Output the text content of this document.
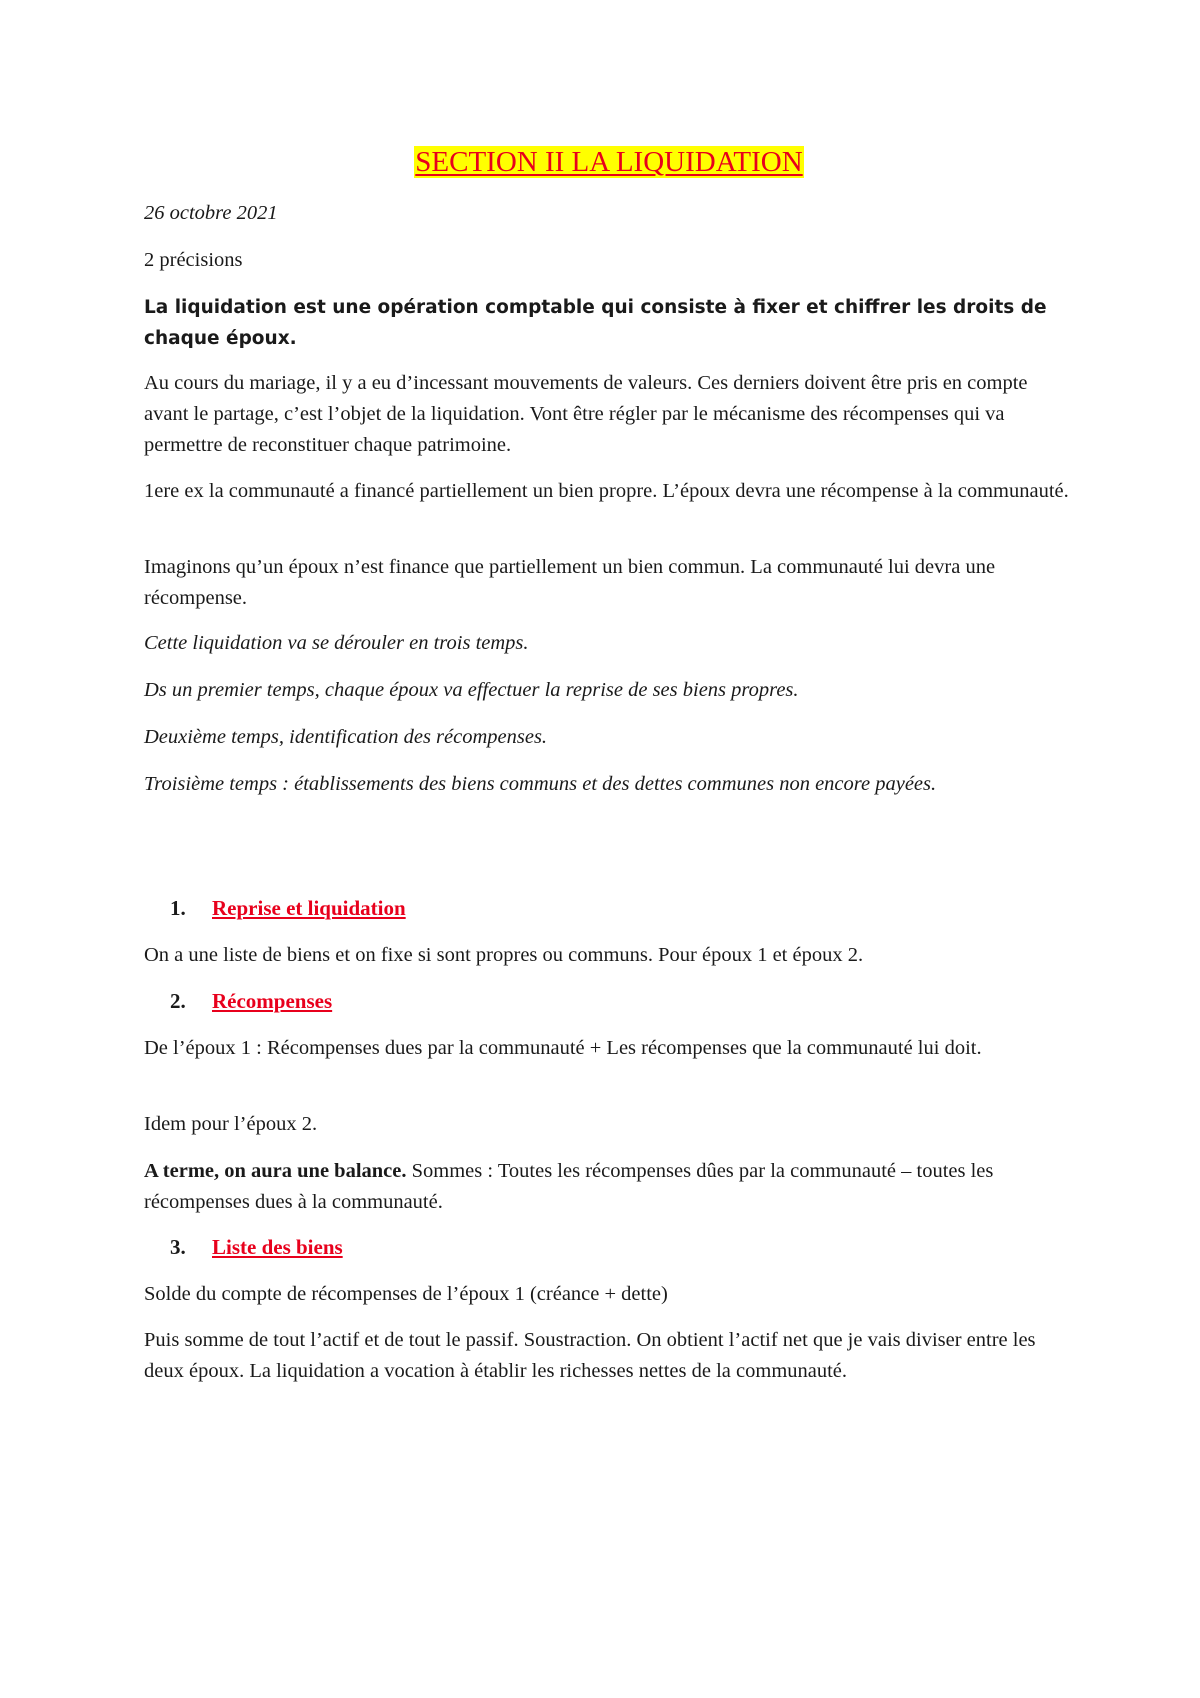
SECTION II LA LIQUIDATION

26 octobre 2021

2 précisions

La liquidation est une opération comptable qui consiste à fixer et chiffrer les droits de chaque époux.

Au cours du mariage, il y a eu d’incessant mouvements de valeurs. Ces derniers doivent être pris en compte avant le partage, c’est l’objet de la liquidation. Vont être régler par le mécanisme des récompenses qui va permettre de reconstituer chaque patrimoine.

1ere ex la communauté a financé partiellement un bien propre. L’époux devra une récompense à la communauté.

Imaginons qu’un époux n’est finance que partiellement un bien commun. La communauté lui devra une récompense.

Cette liquidation va se dérouler en trois temps.

Ds un premier temps, chaque époux va effectuer la reprise de ses biens propres.

Deuxième temps, identification des récompenses.

Troisième temps : établissements des biens communs et des dettes communes non encore payées.

1.	Reprise et liquidation

On a une liste de biens et on fixe si sont propres ou communs. Pour époux 1 et époux 2.

2.	Récompenses

De l’époux 1 : Récompenses dues par la communauté + Les récompenses que la communauté lui doit.

Idem pour l’époux 2.

A terme, on aura une balance. Sommes : Toutes les récompenses dûes par la communauté – toutes les récompenses dues à la communauté.

3.	Liste des biens

Solde du compte de récompenses de l’époux 1 (créance + dette)

Puis somme de tout l’actif et de tout le passif. Soustraction. On obtient l’actif net que je vais diviser entre les deux époux. La liquidation a vocation à établir les richesses nettes de la communauté.
